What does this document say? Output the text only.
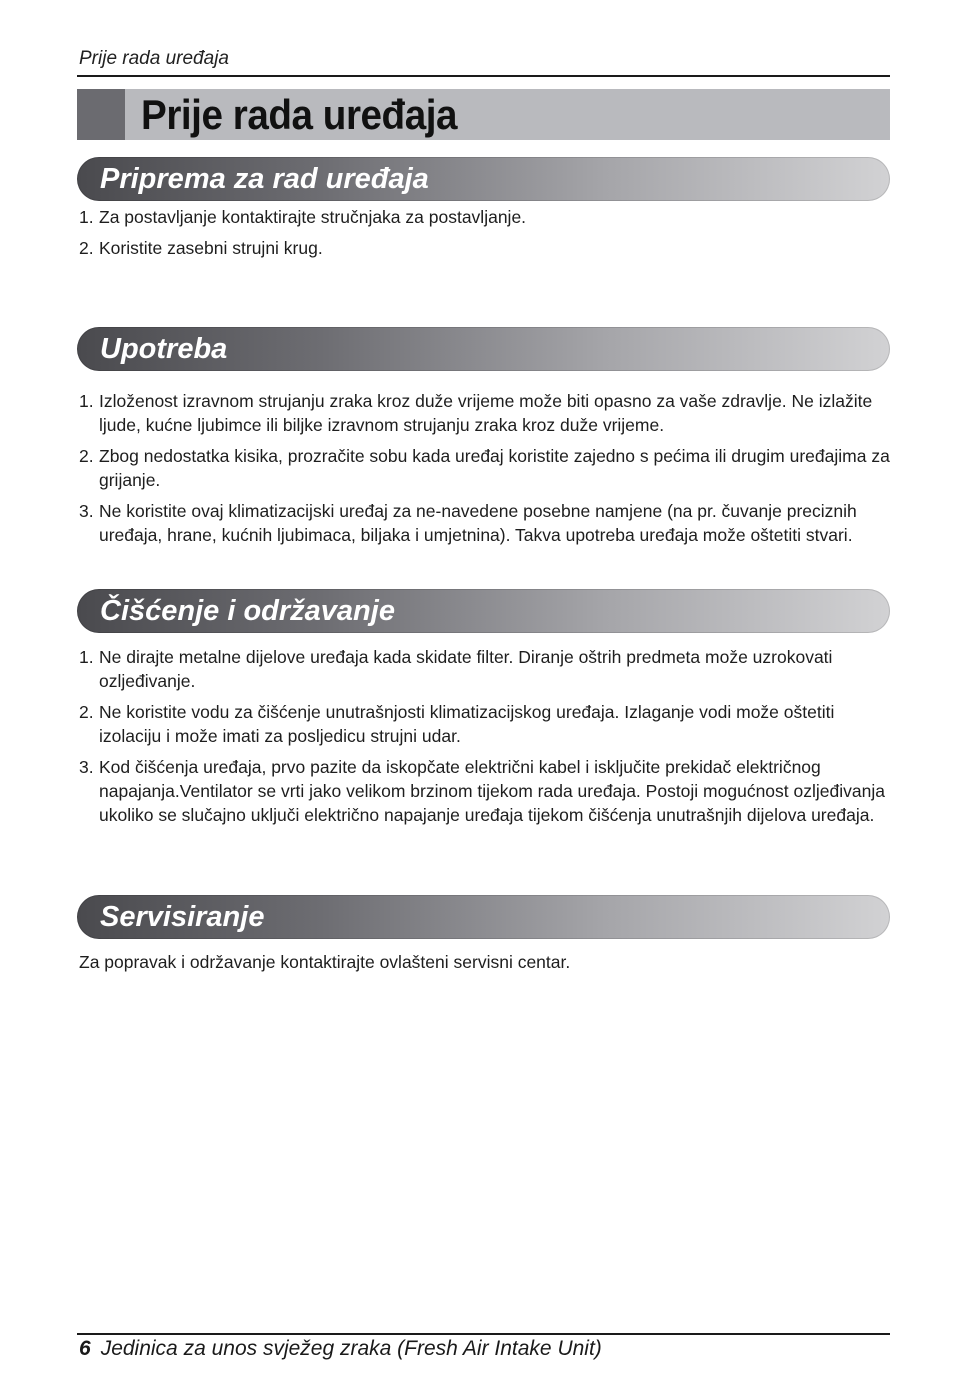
Prije rada uređaja
Prije rada uređaja
Priprema za rad uređaja
1. Za postavljanje kontaktirajte stručnjaka za postavljanje.
2. Koristite zasebni strujni krug.
Upotreba
1. Izloženost izravnom strujanju zraka kroz duže vrijeme može biti opasno za vaše zdravlje. Ne izlažite ljude, kućne ljubimce ili biljke izravnom strujanju zraka kroz duže vrijeme.
2. Zbog nedostatka kisika, prozračite sobu kada uređaj koristite zajedno s pećima ili drugim uređajima za grijanje.
3. Ne koristite ovaj klimatizacijski uređaj za ne-navedene posebne namjene (na pr. čuvanje preciznih uređaja, hrane, kućnih ljubimaca, biljaka i umjetnina). Takva upotreba uređaja može oštetiti stvari.
Čišćenje i održavanje
1. Ne dirajte metalne dijelove uređaja kada skidate filter. Diranje oštrih predmeta može uzrokovati ozljeđivanje.
2. Ne koristite vodu za čišćenje unutrašnjosti klimatizacijskog uređaja. Izlaganje vodi može oštetiti izolaciju i može imati za posljedicu strujni udar.
3. Kod čišćenja uređaja, prvo pazite da iskopčate električni kabel i isključite prekidač električnog napajanja.Ventilator se vrti jako velikom brzinom tijekom rada uređaja. Postoji mogućnost ozljeđivanja ukoliko se slučajno uključi električno napajanje uređaja tijekom čišćenja unutrašnjih dijelova uređaja.
Servisiranje
Za popravak i održavanje kontaktirajte ovlašteni servisni centar.
6 Jedinica za unos svježeg zraka (Fresh Air Intake Unit)
